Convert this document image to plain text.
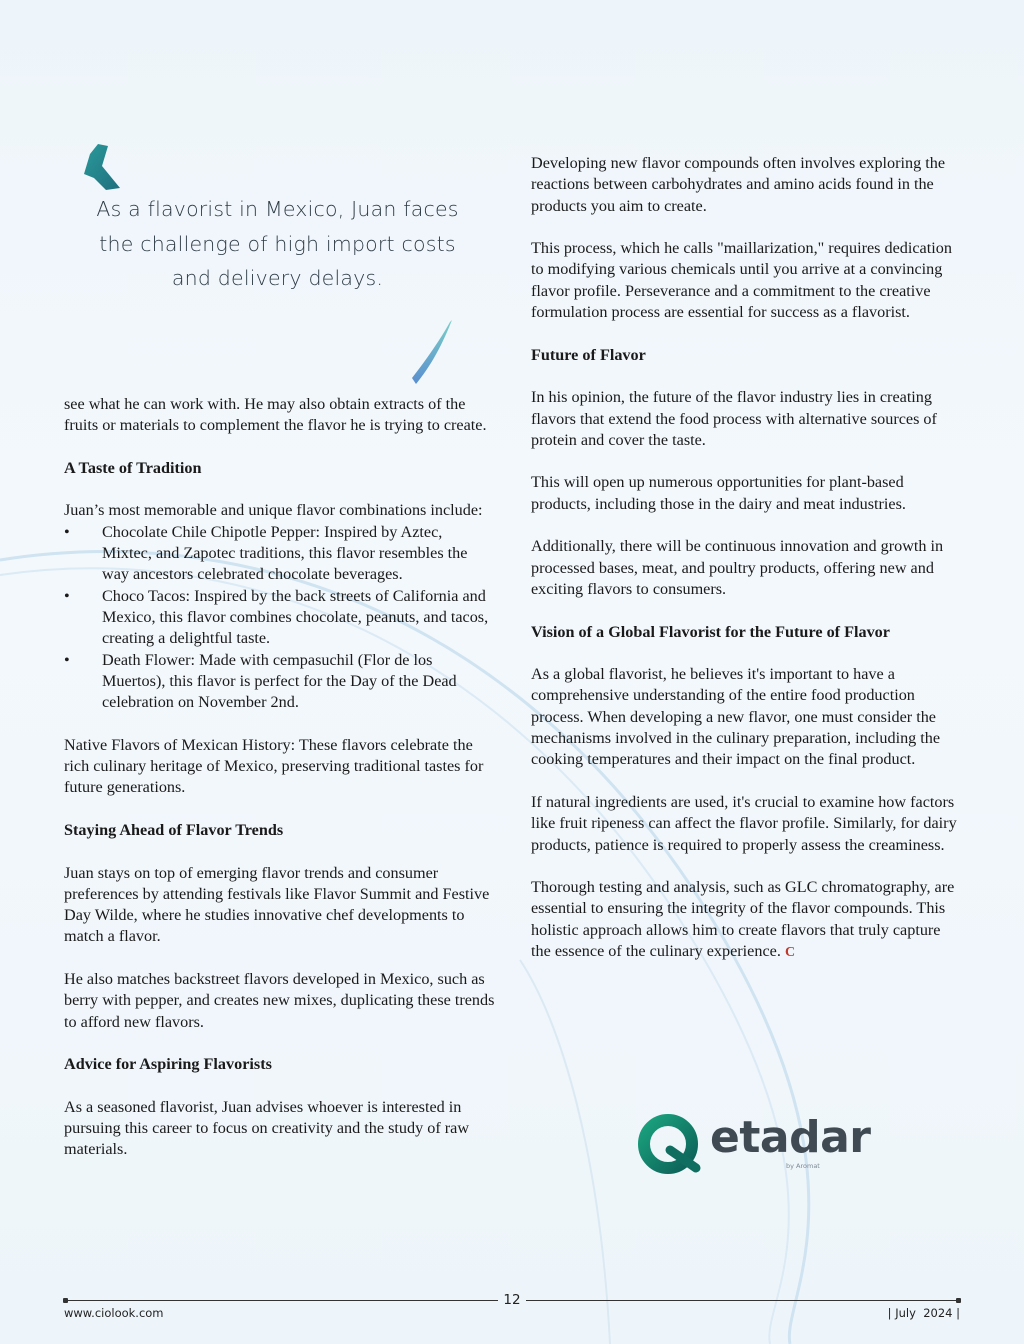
As a flavorist in Mexico, Juan faces the challenge of high import costs and delivery delays.

see what he can work with. He may also obtain extracts of the fruits or materials to complement the flavor he is trying to create.

A Taste of Tradition

Juan’s most memorable and unique flavor combinations include:

• Chocolate Chile Chipotle Pepper: Inspired by Aztec, Mixtec, and Zapotec traditions, this flavor resembles the way ancestors celebrated chocolate beverages.
• Choco Tacos: Inspired by the back streets of California and Mexico, this flavor combines chocolate, peanuts, and tacos, creating a delightful taste.
• Death Flower: Made with cempasuchil (Flor de los Muertos), this flavor is perfect for the Day of the Dead celebration on November 2nd.

Native Flavors of Mexican History: These flavors celebrate the rich culinary heritage of Mexico, preserving traditional tastes for future generations.

Staying Ahead of Flavor Trends

Juan stays on top of emerging flavor trends and consumer preferences by attending festivals like Flavor Summit and Festive Day Wilde, where he studies innovative chef developments to match a flavor.

He also matches backstreet flavors developed in Mexico, such as berry with pepper, and creates new mixes, duplicating these trends to afford new flavors.

Advice for Aspiring Flavorists

As a seasoned flavorist, Juan advises whoever is interested in pursuing this career to focus on creativity and the study of raw materials.

Developing new flavor compounds often involves exploring the reactions between carbohydrates and amino acids found in the products you aim to create.

This process, which he calls "maillarization," requires dedication to modifying various chemicals until you arrive at a convincing flavor profile. Perseverance and a commitment to the creative formulation process are essential for success as a flavorist.

Future of Flavor

In his opinion, the future of the flavor industry lies in creating flavors that extend the food process with alternative sources of protein and cover the taste.

This will open up numerous opportunities for plant-based products, including those in the dairy and meat industries.

Additionally, there will be continuous innovation and growth in processed bases, meat, and poultry products, offering new and exciting flavors to consumers.

Vision of a Global Flavorist for the Future of Flavor

As a global flavorist, he believes it's important to have a comprehensive understanding of the entire food production process. When developing a new flavor, one must consider the mechanisms involved in the culinary preparation, including the cooking temperatures and their impact on the final product.

If natural ingredients are used, it's crucial to examine how factors like fruit ripeness can affect the flavor profile. Similarly, for dairy products, patience is required to properly assess the creaminess.

Thorough testing and analysis, such as GLC chromatography, are essential to ensuring the integrity of the flavor compounds. This holistic approach allows him to create flavors that truly capture the essence of the culinary experience. C

etadar
by Aromat
12
www.ciolook.com	| July  2024 |
